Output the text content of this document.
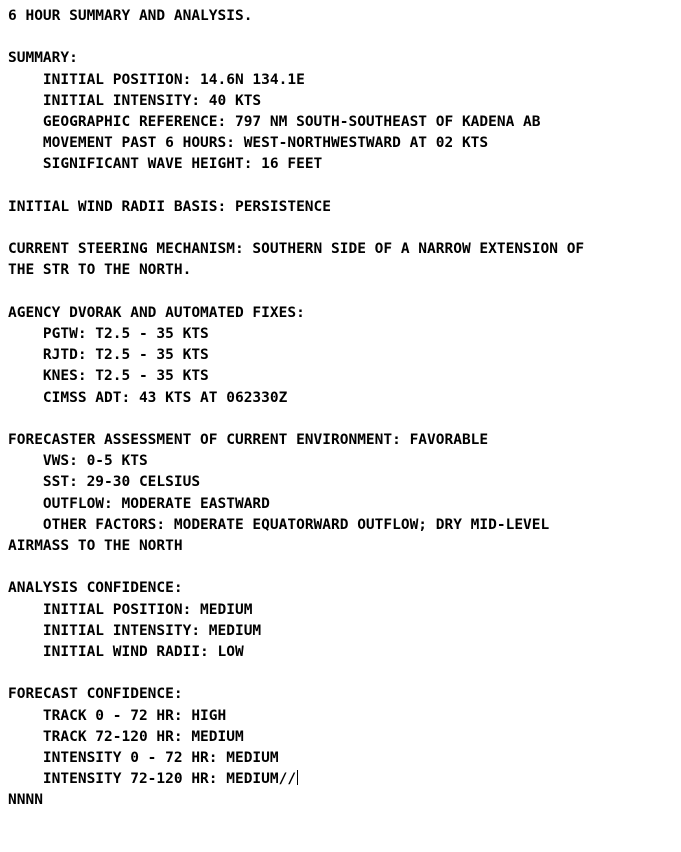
6 HOUR SUMMARY AND ANALYSIS.
SUMMARY:
INITIAL POSITION: 14.6N 134.1E
INITIAL INTENSITY: 40 KTS
GEOGRAPHIC REFERENCE: 797 NM SOUTH-SOUTHEAST OF KADENA AB
MOVEMENT PAST 6 HOURS: WEST-NORTHWESTWARD AT 02 KTS
SIGNIFICANT WAVE HEIGHT: 16 FEET
INITIAL WIND RADII BASIS: PERSISTENCE
CURRENT STEERING MECHANISM: SOUTHERN SIDE OF A NARROW EXTENSION OF
THE STR TO THE NORTH.
AGENCY DVORAK AND AUTOMATED FIXES:
PGTW: T2.5 - 35 KTS
RJTD: T2.5 - 35 KTS
KNES: T2.5 - 35 KTS
CIMSS ADT: 43 KTS AT 062330Z
FORECASTER ASSESSMENT OF CURRENT ENVIRONMENT: FAVORABLE
VWS: 0-5 KTS
SST: 29-30 CELSIUS
OUTFLOW: MODERATE EASTWARD
OTHER FACTORS: MODERATE EQUATORWARD OUTFLOW; DRY MID-LEVEL
AIRMASS TO THE NORTH
ANALYSIS CONFIDENCE:
INITIAL POSITION: MEDIUM
INITIAL INTENSITY: MEDIUM
INITIAL WIND RADII: LOW
FORECAST CONFIDENCE:
TRACK 0 - 72 HR: HIGH
TRACK 72-120 HR: MEDIUM
INTENSITY 0 - 72 HR: MEDIUM
INTENSITY 72-120 HR: MEDIUM//
NNNN
